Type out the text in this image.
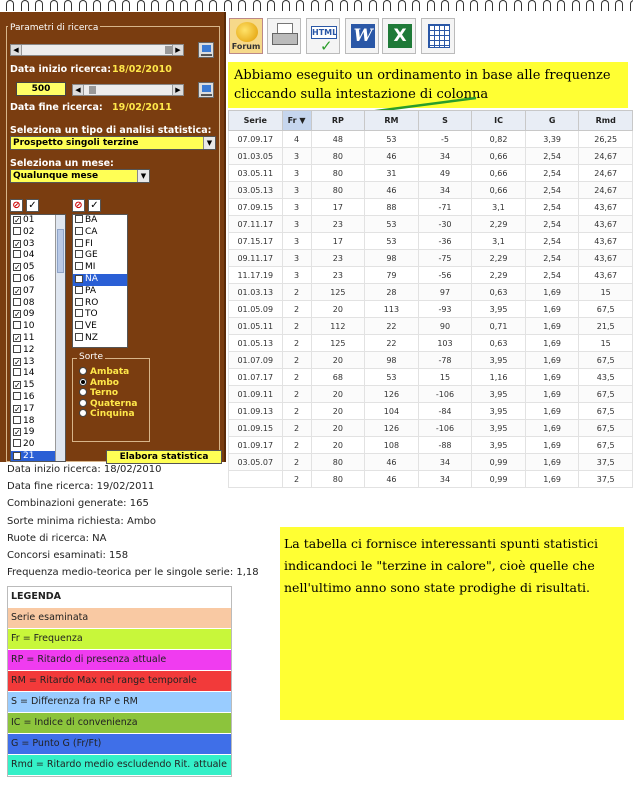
Parametri di ricerca
◀	▶
Data inizio ricerca: 18/02/2010
500	◀	▶
Data fine ricerca: 19/02/2011
Seleziona un tipo di analisi statistica:
Prospetto singoli terzine	▼
Seleziona un mese:
Qualunque mese	▼
⊘ ✓	⊘ ✓
✓ 01
02
✓ 03
04
✓ 05
06
✓ 07
08
✓ 09
10
✓ 11
12
✓ 13
14
✓ 15
16
✓ 17
18
✓ 19
20
✓ 21
BA
CA
FI
GE
MI
✓ NA
PA
RO
TO
VE
NZ
Sorte
Ambata
Ambo
Terno
Quaterna
Cinquina
Elabora statistica
Forum
HTML
✓ W	X
Abbiamo eseguito un ordinamento in base alle frequenze cliccando sulla intestazione di colonna
Serie	Fr ▼	RP	RM	S	IC	G	Rmd
07.09.17	4	48	53	-5	0,82	3,39	26,25
01.03.05	3	80	46	34	0,66	2,54	24,67
03.05.11	3	80	31	49	0,66	2,54	24,67
03.05.13	3	80	46	34	0,66	2,54	24,67
07.09.15	3	17	88	-71	3,1	2,54	43,67
07.11.17	3	23	53	-30	2,29	2,54	43,67
07.15.17	3	17	53	-36	3,1	2,54	43,67
09.11.17	3	23	98	-75	2,29	2,54	43,67
11.17.19	3	23	79	-56	2,29	2,54	43,67
01.03.13	2	125	28	97	0,63	1,69	15
01.05.09	2	20	113	-93	3,95	1,69	67,5
01.05.11	2	112	22	90	0,71	1,69	21,5
01.05.13	2	125	22	103	0,63	1,69	15
01.07.09	2	20	98	-78	3,95	1,69	67,5
01.07.17	2	68	53	15	1,16	1,69	43,5
01.09.11	2	20	126	-106	3,95	1,69	67,5
01.09.13	2	20	104	-84	3,95	1,69	67,5
01.09.15	2	20	126	-106	3,95	1,69	67,5
01.09.17	2	20	108	-88	3,95	1,69	67,5
03.05.07	2	80	46	34	0,99	1,69	37,5
	2	80	46	34	0,99	1,69	37,5
Data inizio ricerca: 18/02/2010
Data fine ricerca: 19/02/2011
Combinazioni generate: 165
Sorte minima richiesta: Ambo
Ruote di ricerca: NA
Concorsi esaminati: 158
Frequenza medio-teorica per le singole serie: 1,18
LEGENDA
Serie esaminata
Fr = Frequenza
RP = Ritardo di presenza attuale
RM = Ritardo Max nel range temporale
S = Differenza fra RP e RM
IC = Indice di convenienza
G = Punto G (Fr/Ft)
Rmd = Ritardo medio escludendo Rit. attuale
La tabella ci fornisce interessanti spunti statistici indicandoci le "terzine in calore", cioè quelle che nell'ultimo anno sono state prodighe di risultati.
